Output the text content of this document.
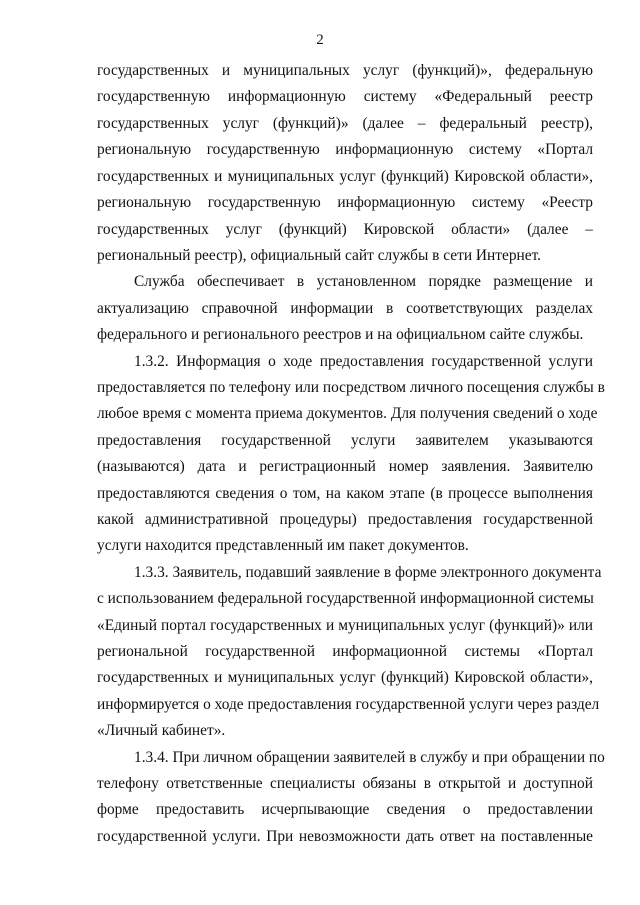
2
государственных и муниципальных услуг (функций)», федеральную
государственную информационную систему «Федеральный реестр
государственных услуг (функций)» (далее – федеральный реестр),
региональную государственную информационную систему «Портал
государственных и муниципальных услуг (функций) Кировской области»,
региональную государственную информационную систему «Реестр
государственных услуг (функций) Кировской области» (далее –
региональный реестр), официальный сайт службы в сети Интернет.
Служба обеспечивает в установленном порядке размещение и
актуализацию справочной информации в соответствующих разделах
федерального и регионального реестров и на официальном сайте службы.
1.3.2. Информация о ходе предоставления государственной услуги
предоставляется по телефону или посредством личного посещения службы в
любое время с момента приема документов. Для получения сведений о ходе
предоставления государственной услуги заявителем указываются
(называются) дата и регистрационный номер заявления. Заявителю
предоставляются сведения о том, на каком этапе (в процессе выполнения
какой административной процедуры) предоставления государственной
услуги находится представленный им пакет документов.
1.3.3. Заявитель, подавший заявление в форме электронного документа
с использованием федеральной государственной информационной системы
«Единый портал государственных и муниципальных услуг (функций)» или
региональной государственной информационной системы «Портал
государственных и муниципальных услуг (функций) Кировской области»,
информируется о ходе предоставления государственной услуги через раздел
«Личный кабинет».
1.3.4. При личном обращении заявителей в службу и при обращении по
телефону ответственные специалисты обязаны в открытой и доступной
форме предоставить исчерпывающие сведения о предоставлении
государственной услуги. При невозможности дать ответ на поставленные
